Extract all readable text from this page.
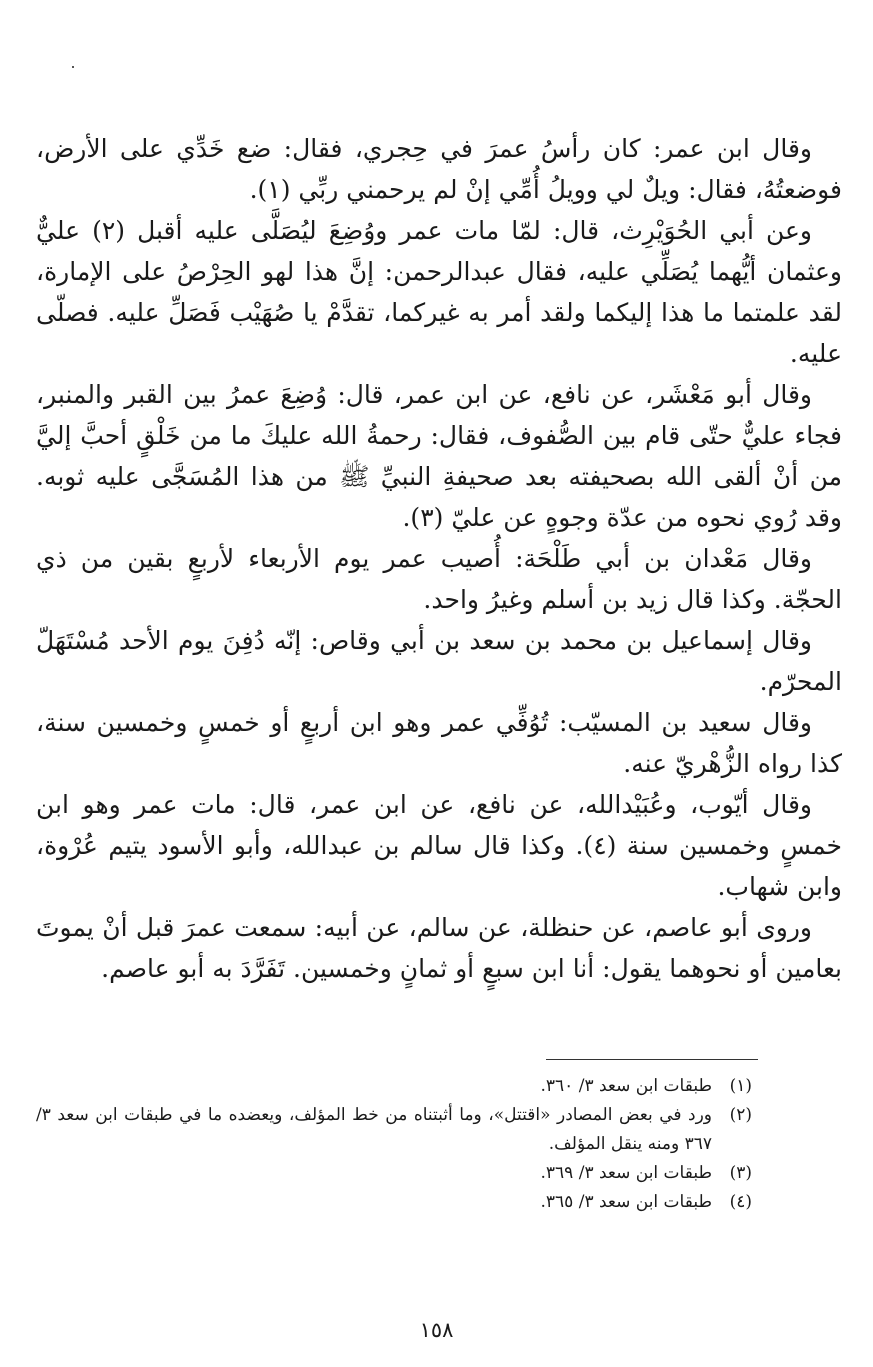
وقال ابن عمر: كان رأسُ عمرَ في حِجري، فقال: ضع خَدِّي على الأرض، فوضعتُهُ، فقال: ويلٌ لي وويلُ أُمِّي إنْ لم يرحمني ربِّي (١).

وعن أبي الحُوَيْرِث، قال: لمّا مات عمر ووُضِعَ ليُصَلَّى عليه أقبل (٢) عليٌّ وعثمان أيُّهما يُصَلِّي عليه، فقال عبدالرحمن: إنَّ هذا لهو الحِرْصُ على الإمارة، لقد علمتما ما هذا إليكما ولقد أمر به غيركما، تقدَّمْ يا صُهَيْب فَصَلِّ عليه. فصلّى عليه.

وقال أبو مَعْشَر، عن نافع، عن ابن عمر، قال: وُضِعَ عمرُ بين القبر والمنبر، فجاء عليٌّ حتّى قام بين الصُّفوف، فقال: رحمةُ الله عليكَ ما من خَلْقٍ أحبَّ إليَّ من أنْ ألقى الله بصحيفته بعد صحيفةِ النبيِّ ﷺ من هذا المُسَجَّى عليه ثوبه. وقد رُوي نحوه من عدّة وجوهٍ عن عليّ (٣).

وقال مَعْدان بن أبي طَلْحَة: أُصيب عمر يوم الأربعاء لأربعٍ بقين من ذي الحجّة. وكذا قال زيد بن أسلم وغيرُ واحد.

وقال إسماعيل بن محمد بن سعد بن أبي وقاص: إنّه دُفِنَ يوم الأحد مُسْتَهَلّ المحرّم.

وقال سعيد بن المسيّب: تُوُفِّي عمر وهو ابن أربعٍ أو خمسٍ وخمسين سنة، كذا رواه الزُّهْريّ عنه.

وقال أيّوب، وعُبَيْدالله، عن نافع، عن ابن عمر، قال: مات عمر وهو ابن خمسٍ وخمسين سنة (٤). وكذا قال سالم بن عبدالله، وأبو الأسود يتيم عُرْوة، وابن شهاب.

وروى أبو عاصم، عن حنظلة، عن سالم، عن أبيه: سمعت عمرَ قبل أنْ يموتَ بعامين أو نحوهما يقول: أنا ابن سبعٍ أو ثمانٍ وخمسين. تَفَرَّدَ به أبو عاصم.

(١)
طبقات ابن سعد ٣/ ٣٦٠.
(٢)
ورد في بعض المصادر «اقتتل»، وما أثبتناه من خط المؤلف، ويعضده ما في طبقات ابن سعد ٣/ ٣٦٧ ومنه ينقل المؤلف.
(٣)
طبقات ابن سعد ٣/ ٣٦٩.
(٤)
طبقات ابن سعد ٣/ ٣٦٥.
١٥٨
